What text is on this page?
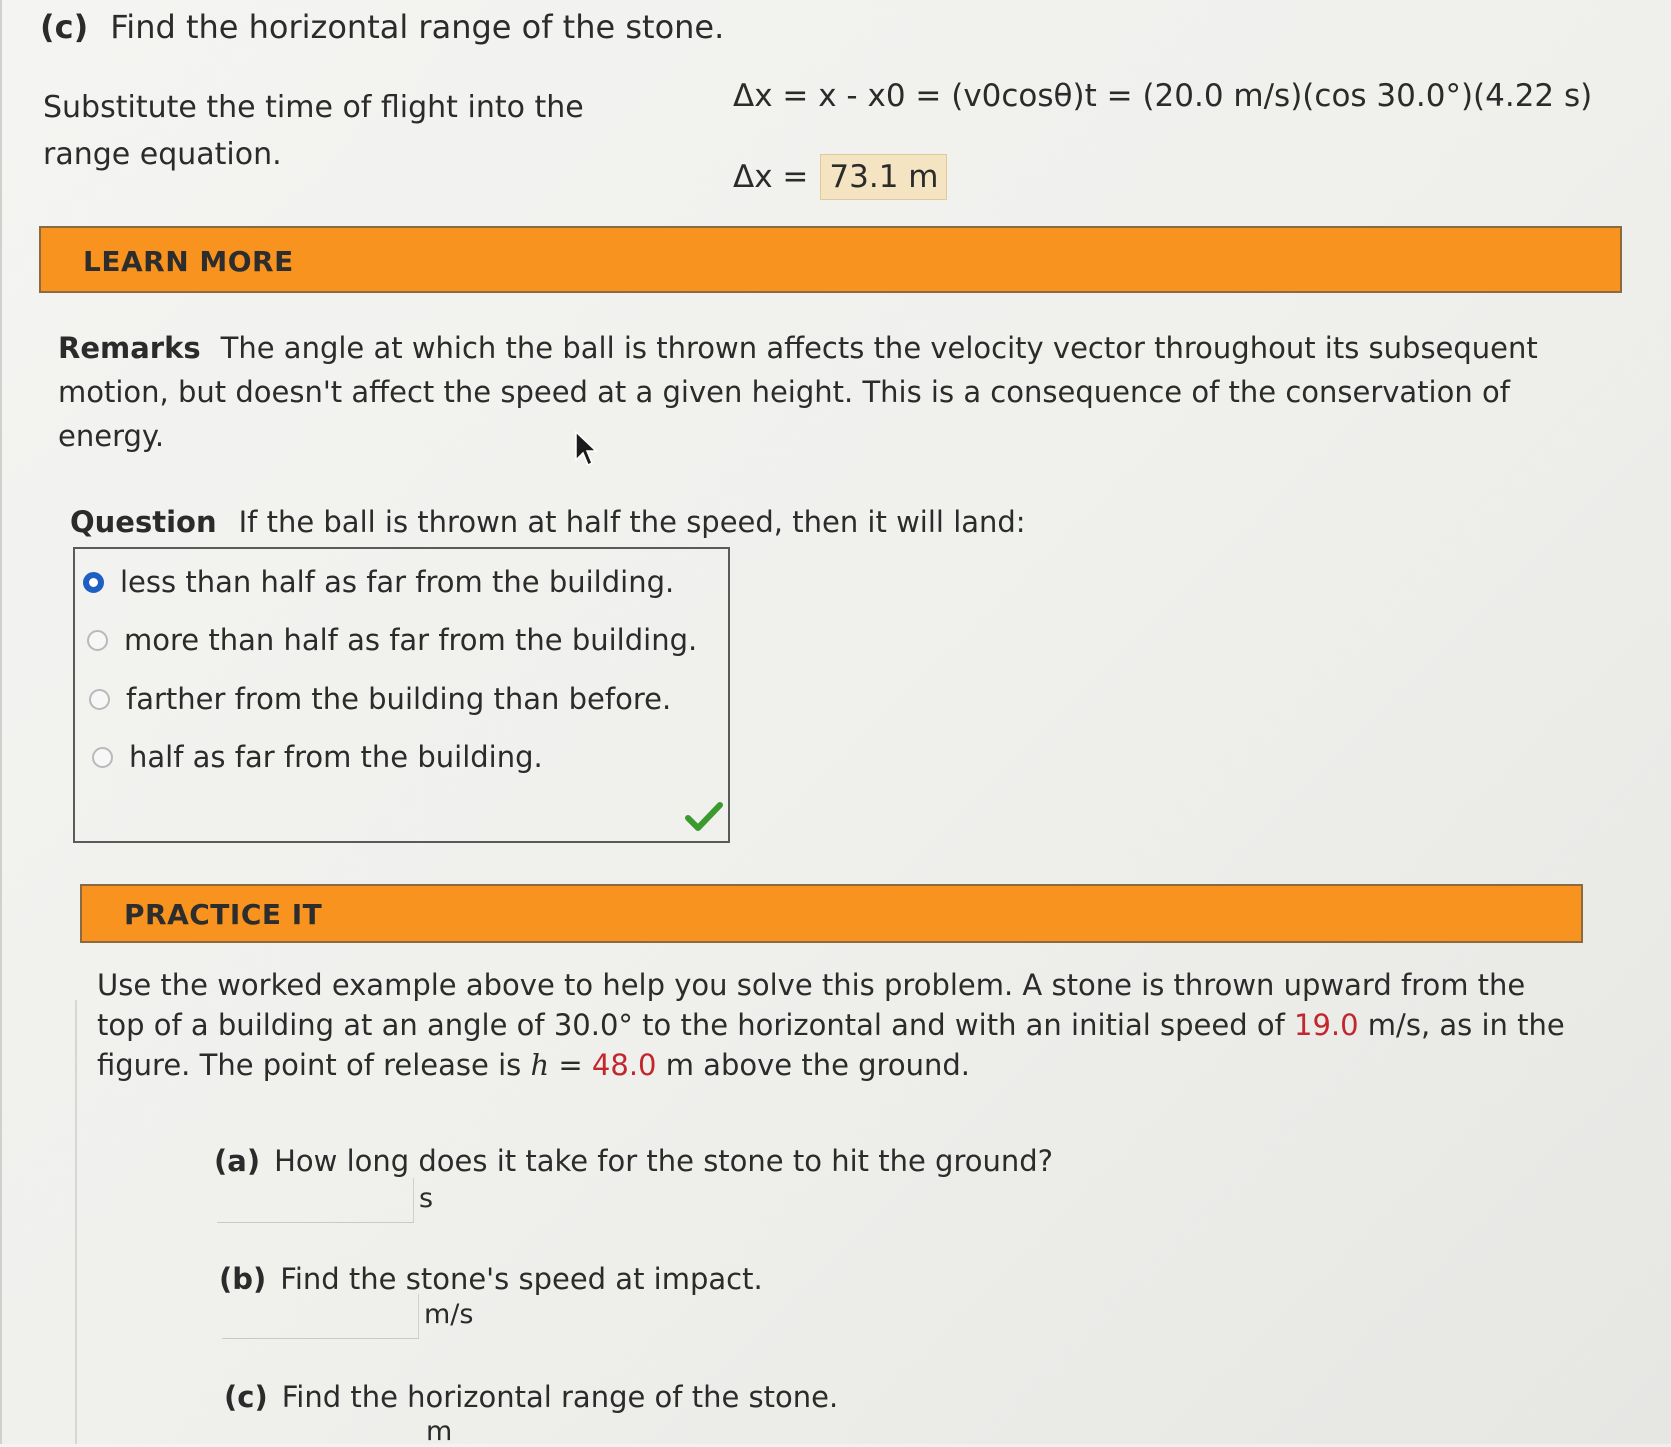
(c) Find the horizontal range of the stone.
Substitute the time of flight into the range equation.
Δx = x - x0 = (v0cosθ)t = (20.0 m/s)(cos 30.0°)(4.22 s)
Δx = 73.1 m
LEARN MORE
Remarks The angle at which the ball is thrown affects the velocity vector throughout its subsequent motion, but doesn't affect the speed at a given height. This is a consequence of the conservation of energy.
Question If the ball is thrown at half the speed, then it will land:
less than half as far from the building.
more than half as far from the building.
farther from the building than before.
half as far from the building.
PRACTICE IT
Use the worked example above to help you solve this problem. A stone is thrown upward from the top of a building at an angle of 30.0° to the horizontal and with an initial speed of 19.0 m/s, as in the figure. The point of release is h = 48.0 m above the ground.
(a) How long does it take for the stone to hit the ground?
s
(b) Find the stone's speed at impact.
m/s
(c) Find the horizontal range of the stone.
m
